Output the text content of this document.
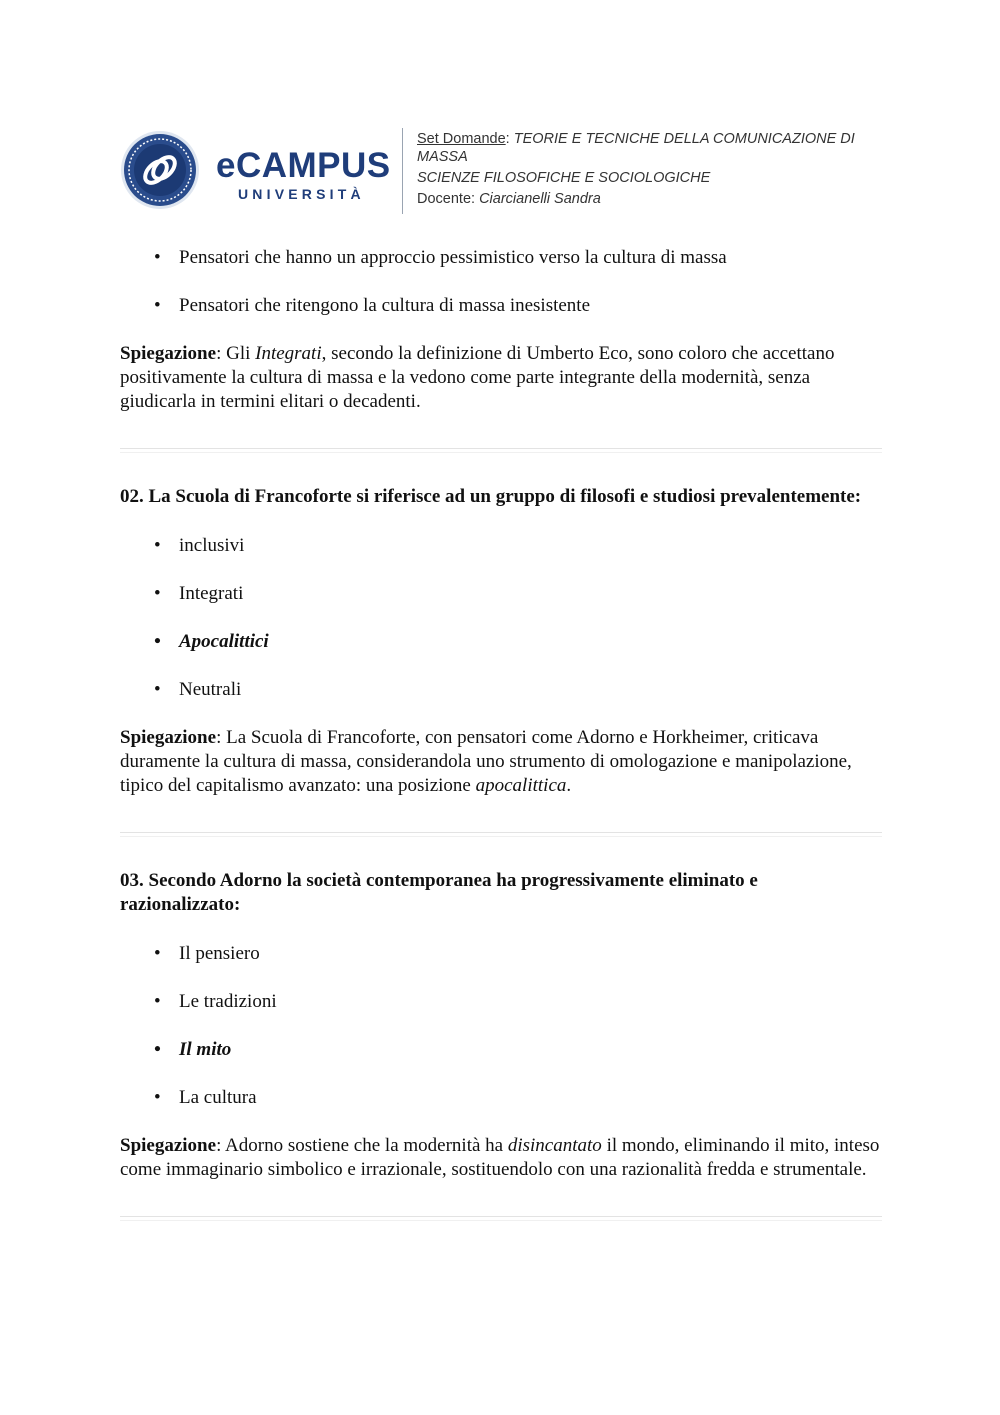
eCAMPUS
UNIVERSITÀ
Set Domande: TEORIE E TECNICHE DELLA COMUNICAZIONE DI MASSA
SCIENZE FILOSOFICHE E SOCIOLOGICHE
Docente: Ciarcianelli Sandra
• Pensatori che hanno un approccio pessimistico verso la cultura di massa
• Pensatori che ritengono la cultura di massa inesistente

Spiegazione: Gli Integrati, secondo la definizione di Umberto Eco, sono coloro che accettano positivamente la cultura di massa e la vedono come parte integrante della modernità, senza giudicarla in termini elitari o decadenti.

02. La Scuola di Francoforte si riferisce ad un gruppo di filosofi e studiosi prevalentemente:

• inclusivi
• Integrati
• Apocalittici
• Neutrali

Spiegazione: La Scuola di Francoforte, con pensatori come Adorno e Horkheimer, criticava duramente la cultura di massa, considerandola uno strumento di omologazione e manipolazione, tipico del capitalismo avanzato: una posizione apocalittica.

03. Secondo Adorno la società contemporanea ha progressivamente eliminato e razionalizzato:

• Il pensiero
• Le tradizioni
• Il mito
• La cultura

Spiegazione: Adorno sostiene che la modernità ha disincantato il mondo, eliminando il mito, inteso come immaginario simbolico e irrazionale, sostituendolo con una razionalità fredda e strumentale.
